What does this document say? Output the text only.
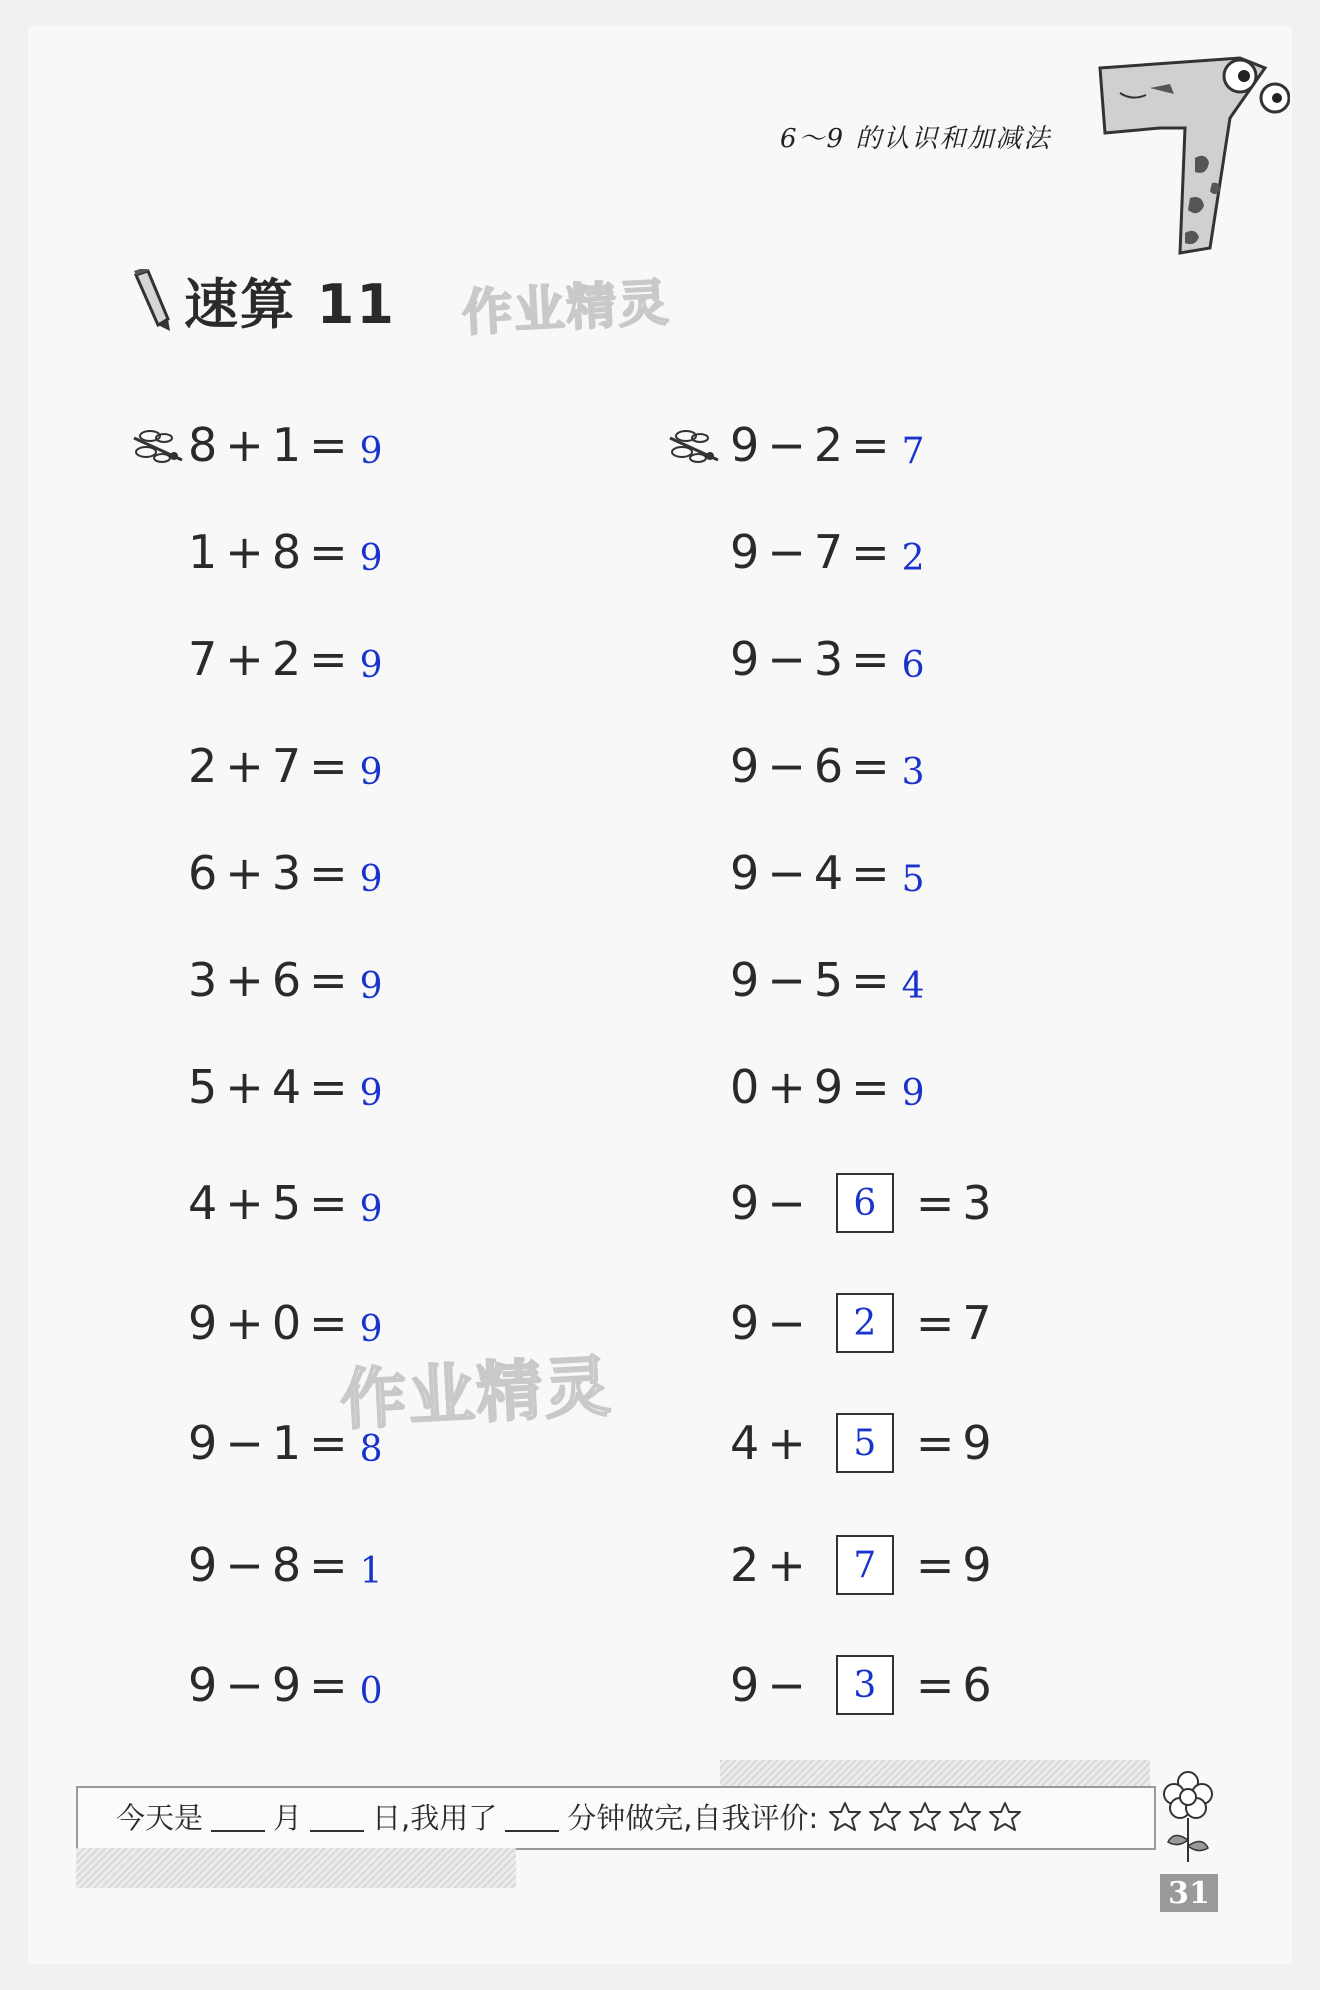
6～9 的认识和加减法
速算 11 作业精灵
作业精灵
8 + 1 = 9
1 + 8 = 9
7 + 2 = 9
2 + 7 = 9
6 + 3 = 9
3 + 6 = 9
5 + 4 = 9
4 + 5 = 9
9 + 0 = 9
9 − 1 = 8
9 − 8 = 1
9 − 9 = 0
9 − 2 = 7
9 − 7 = 2
9 − 3 = 6
9 − 6 = 3
9 − 4 = 5
9 − 5 = 4
0 + 9 = 9
9 −	6 = 3
9 −	2 = 7
4 +	5 = 9
2 +	7 = 9
9 −	3 = 6
今天是 月 日,我用了 分钟做完,自我评价:
31
